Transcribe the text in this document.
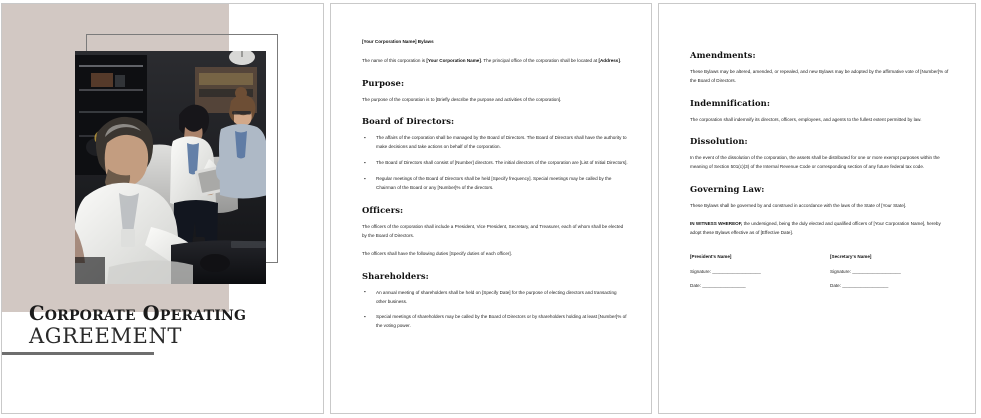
Corporate Operating
AGREEMENT
[Your Corporation Name] Bylaws

The name of this corporation is [Your Corporation Name]. The principal office of the corporation shall be located at [Address].

Purpose:

The purpose of the corporation is to [Briefly describe the purpose and activities of the corporation].

Board of Directors:
▪ The affairs of the corporation shall be managed by the Board of Directors. The Board of Directors shall have the authority to make decisions and take actions on behalf of the corporation.
▪ The Board of Directors shall consist of [Number] directors. The initial directors of the corporation are [List of Initial Directors].
▪ Regular meetings of the Board of Directors shall be held [Specify frequency]. Special meetings may be called by the Chairman of the Board or any [Number]% of the directors.
Officers:

The officers of the corporation shall include a President, Vice President, Secretary, and Treasurer, each of whom shall be elected by the Board of Directors.

The officers shall have the following duties [Specify duties of each officer].

Shareholders:
▪ An annual meeting of shareholders shall be held on [Specify Date] for the purpose of electing directors and transacting other business.
▪ Special meetings of shareholders may be called by the Board of Directors or by shareholders holding at least [Number]% of the voting power.
Amendments:

These Bylaws may be altered, amended, or repealed, and new Bylaws may be adopted by the affirmative vote of [Number]% of the Board of Directors.

Indemnification:

The corporation shall indemnify its directors, officers, employees, and agents to the fullest extent permitted by law.

Dissolution:

In the event of the dissolution of the corporation, the assets shall be distributed for one or more exempt purposes within the meaning of Section 501(c)(3) of the Internal Revenue Code or corresponding section of any future federal tax code.

Governing Law:

These Bylaws shall be governed by and construed in accordance with the laws of the State of [Your State].

IN WITNESS WHEREOF, the undersigned, being the duly elected and qualified officers of [Your Corporation Name], hereby adopt these Bylaws effective as of [Effective Date].

[President's Name]
Signature: ___________________
Date: _________________
[Secretary's Name]
Signature: ___________________
Date: __________________
